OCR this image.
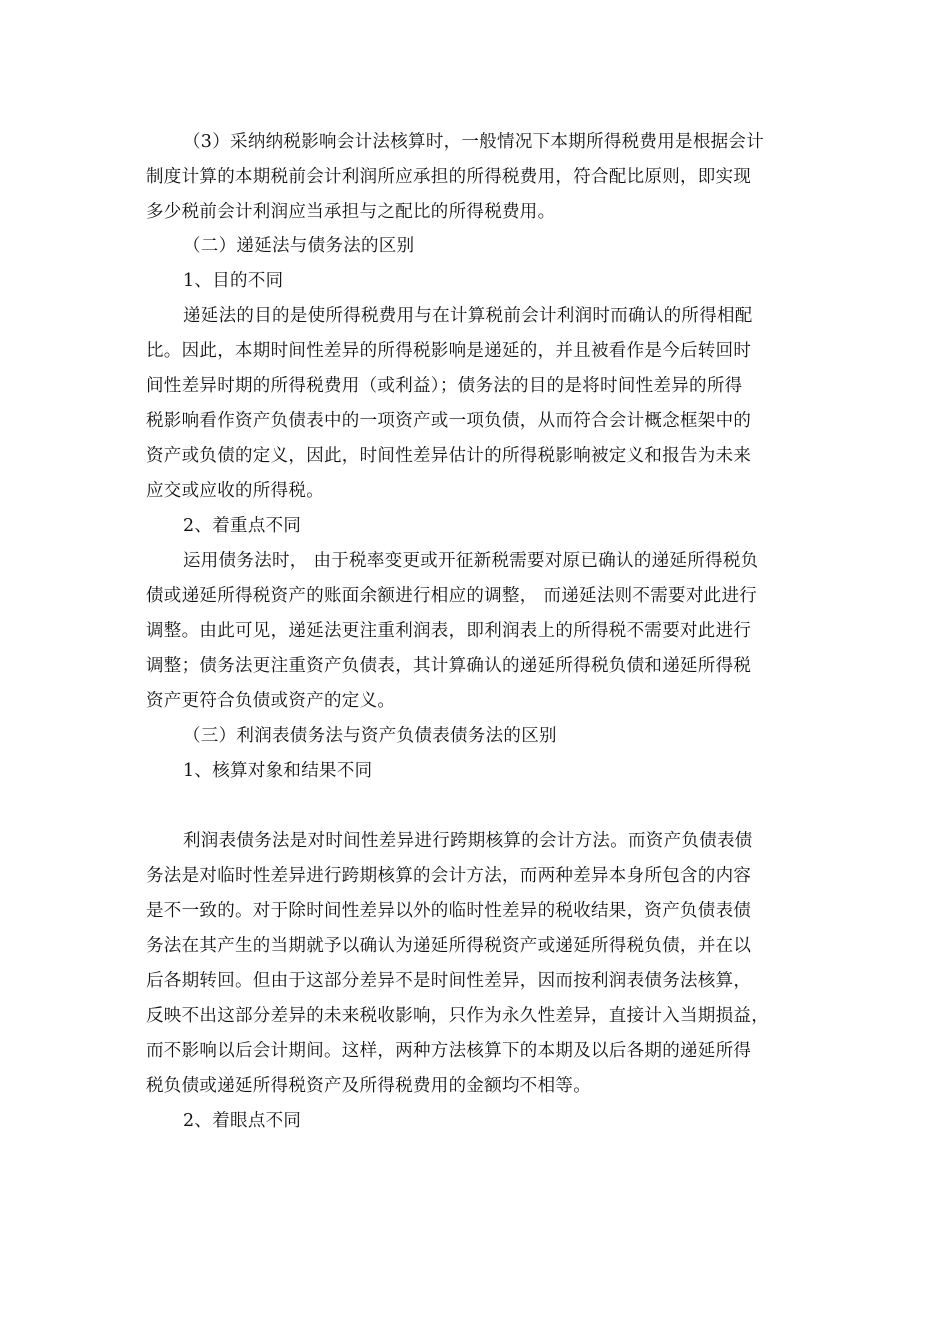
（3）采纳纳税影响会计法核算时，一般情况下本期所得税费用是根据会计
制度计算的本期税前会计利润所应承担的所得税费用，符合配比原则，即实现
多少税前会计利润应当承担与之配比的所得税费用。
（二）递延法与债务法的区别
1、目的不同
递延法的目的是使所得税费用与在计算税前会计利润时而确认的所得相配
比。因此，本期时间性差异的所得税影响是递延的，并且被看作是今后转回时
间性差异时期的所得税费用（或利益）；债务法的目的是将时间性差异的所得
税影响看作资产负债表中的一项资产或一项负债，从而符合会计概念框架中的
资产或负债的定义，因此，时间性差异估计的所得税影响被定义和报告为未来
应交或应收的所得税。
2、着重点不同
运用债务法时， 由于税率变更或开征新税需要对原已确认的递延所得税负
债或递延所得税资产的账面余额进行相应的调整， 而递延法则不需要对此进行
调整。由此可见，递延法更注重利润表，即利润表上的所得税不需要对此进行
调整；债务法更注重资产负债表，其计算确认的递延所得税负债和递延所得税
资产更符合负债或资产的定义。
（三）利润表债务法与资产负债表债务法的区别
1、核算对象和结果不同
利润表债务法是对时间性差异进行跨期核算的会计方法。而资产负债表债
务法是对临时性差异进行跨期核算的会计方法，而两种差异本身所包含的内容
是不一致的。对于除时间性差异以外的临时性差异的税收结果，资产负债表债
务法在其产生的当期就予以确认为递延所得税资产或递延所得税负债，并在以
后各期转回。但由于这部分差异不是时间性差异，因而按利润表债务法核算，
反映不出这部分差异的未来税收影响，只作为永久性差异，直接计入当期损益，
而不影响以后会计期间。这样，两种方法核算下的本期及以后各期的递延所得
税负债或递延所得税资产及所得税费用的金额均不相等。
2、着眼点不同
